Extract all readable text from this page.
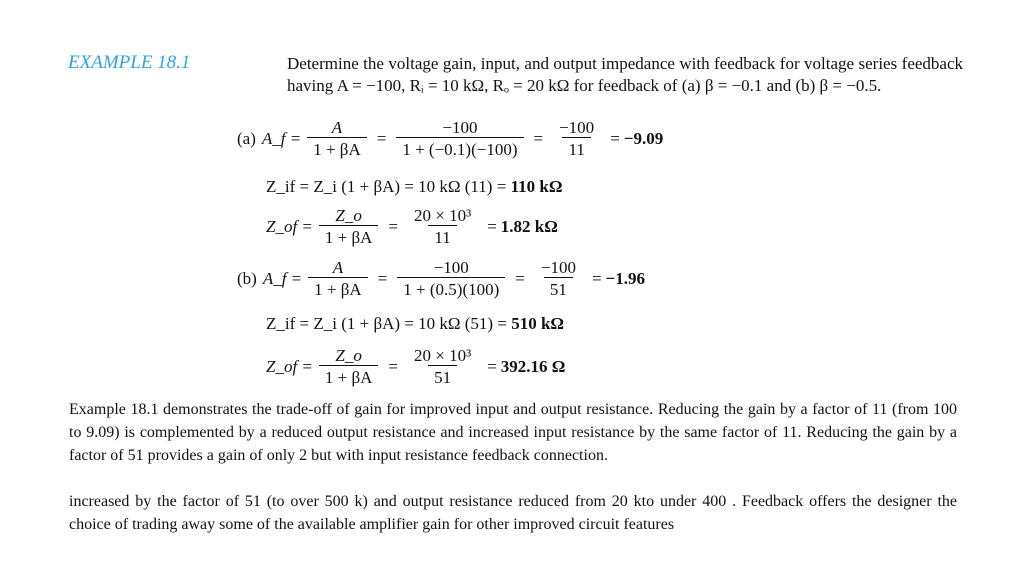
EXAMPLE 18.1	Determine the voltage gain, input, and output impedance with feedback for voltage series feedback having A = −100, Rᵢ = 10 kΩ, Rₒ = 20 kΩ for feedback of (a) β = −0.1 and (b) β = −0.5.
(a) A_f = $\frac{A}{1 + \beta A} = \frac{-100}{1 + (-0.1)(-100)} = \frac{-100}{11} = -9.09$
Z_if = Z_i (1 + βA) = 10 kΩ (11) =
110 kΩ
Z_of = $\frac{Z\_o}{1 + \beta A} = \frac{\text{20 × 10³}}{11} = 1.82$ kΩ
(b) A_f = $\frac{A}{1 + \beta A} = \frac{-100}{1 + (0.5)(100)} = \frac{-100}{51} = -1.96$
Z_if = Z_i (1 + βA) = 10 kΩ (51) =
510 kΩ
Z_of = $\frac{Z\_o}{1 + \beta A} = \frac{\text{20 × 10³}}{51} = 392.16$ Ω
Example 18.1 demonstrates the trade-off of gain for improved input and output resistance. Reducing the gain by a factor of 11 (from 100 to 9.09) is complemented by a reduced output resistance and increased input resistance by the same factor of 11. Reducing the gain by a factor of 51 provides a gain of only 2 but with input resistance feedback connection.
increased by the factor of 51 (to over 500 k) and output resistance reduced from 20 kto under 400 . Feedback offers the designer the choice of trading away some of the available amplifier gain for other improved circuit features
